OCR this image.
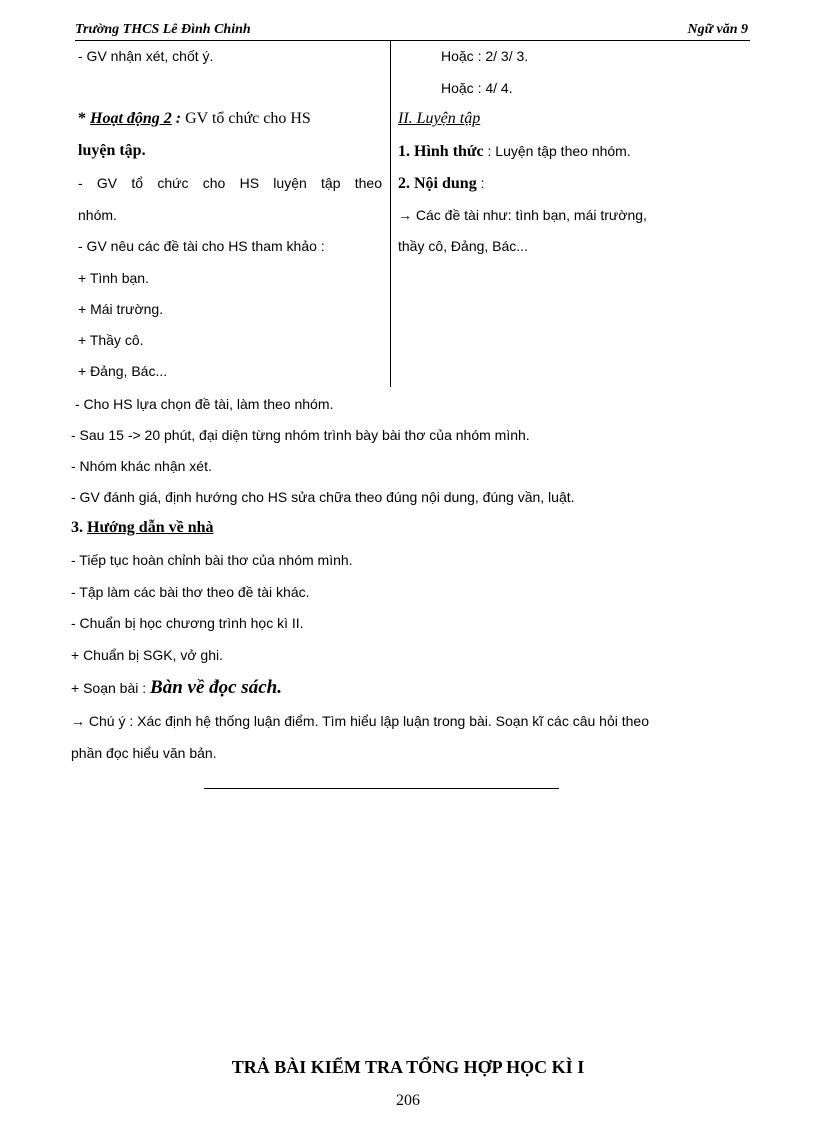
Trường THCS Lê Đình Chinh	Ngữ văn 9
- GV nhận xét, chốt ý.
* Hoạt động 2 : GV tổ chức cho HS
luyện tập.
- GV tổ chức cho HS luyện tập theo
nhóm.
- GV nêu các đề tài cho HS tham khảo :
+ Tình bạn.
+ Mái trường.
+ Thầy cô.
+ Đảng, Bác...
Hoặc : 2/ 3/ 3.
Hoặc : 4/ 4.
II. Luyện tập
1. Hình thức : Luyện tập theo nhóm.
2. Nội dung :
→ Các đề tài như: tình bạn, mái trường,
thầy cô, Đảng, Bác...
- Cho HS lựa chọn đề tài, làm theo nhóm.
- Sau 15 -> 20 phút, đại diện từng nhóm trình bày bài thơ của nhóm mình.
- Nhóm khác nhận xét.
- GV đánh giá, định hướng cho HS sửa chữa theo đúng nội dung, đúng vần, luật.
3. Hướng dẫn về nhà
- Tiếp tục hoàn chỉnh bài thơ của nhóm mình.
- Tập làm các bài thơ theo đề tài khác.
- Chuẩn bị học chương trình học kì II.
+ Chuẩn bị SGK, vở ghi.
+ Soạn bài : Bàn về đọc sách.
→ Chú ý : Xác định hệ thống luận điểm. Tìm hiểu lập luận trong bài. Soạn kĩ các câu hỏi theo
phần đọc hiểu văn bản.
TRẢ BÀI KIỂM TRA TỔNG HỢP HỌC KÌ I
206
